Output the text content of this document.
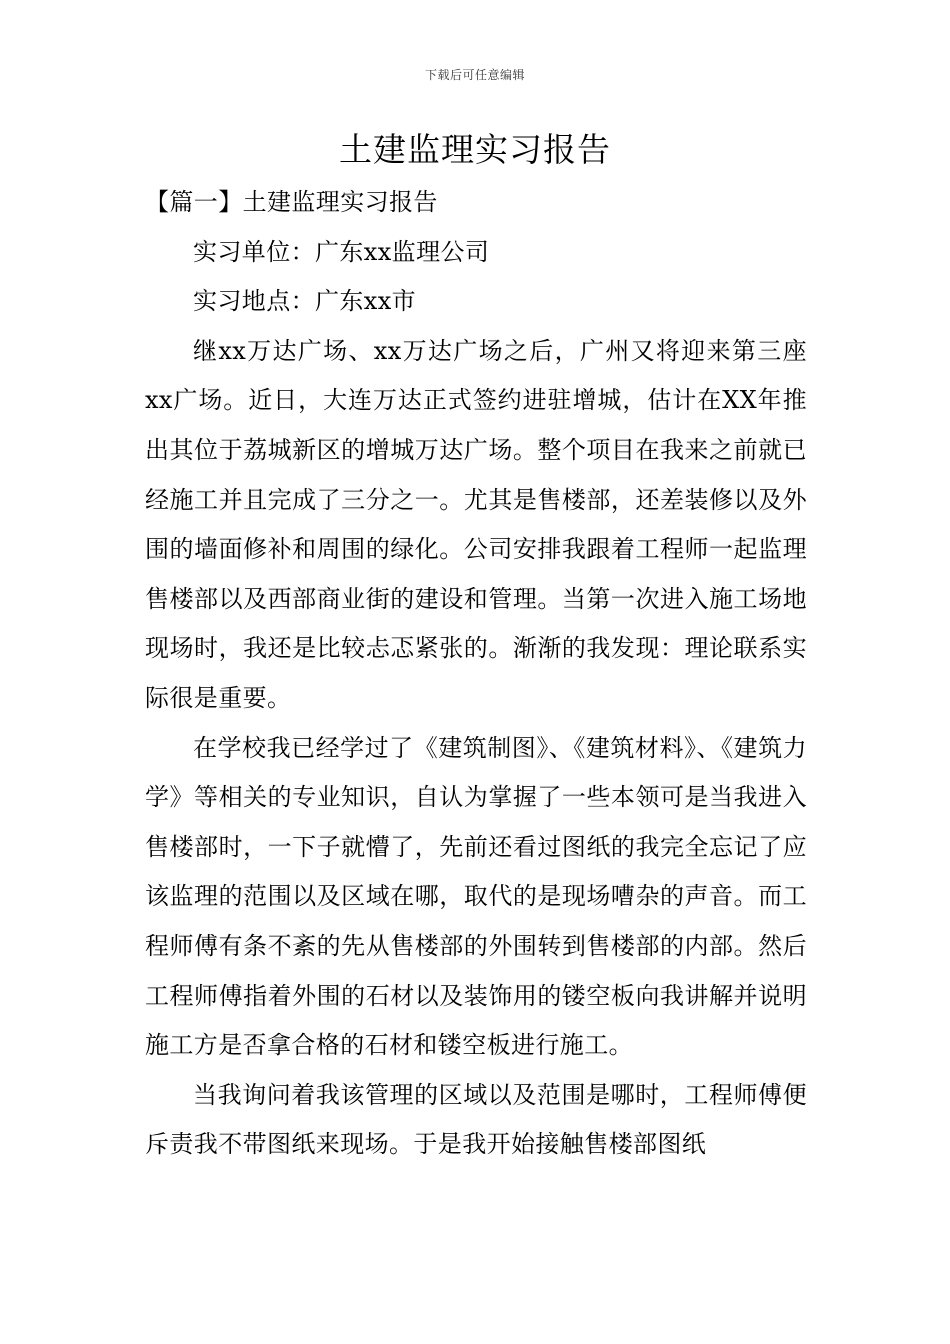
下载后可任意编辑
土建监理实习报告
【篇一】土建监理实习报告
实习单位：广东xx监理公司
实习地点：广东xx市

继xx万达广场、xx万达广场之后，广州又将迎来第三座xx广场。近日，大连万达正式签约进驻增城，估计在XX年推出其位于荔城新区的增城万达广场。整个项目在我来之前就已经施工并且完成了三分之一。尤其是售楼部，还差装修以及外围的墙面修补和周围的绿化。公司安排我跟着工程师一起监理售楼部以及西部商业街的建设和管理。当第一次进入施工场地现场时，我还是比较忐忑紧张的。渐渐的我发现：理论联系实际很是重要。

在学校我已经学过了《建筑制图》、《建筑材料》、《建筑力学》等相关的专业知识，自认为掌握了一些本领可是当我进入售楼部时，一下子就懵了，先前还看过图纸的我完全忘记了应该监理的范围以及区域在哪，取代的是现场嘈杂的声音。而工程师傅有条不紊的先从售楼部的外围转到售楼部的内部。然后工程师傅指着外围的石材以及装饰用的镂空板向我讲解并说明施工方是否拿合格的石材和镂空板进行施工。

当我询问着我该管理的区域以及范围是哪时，工程师傅便斥责我不带图纸来现场。于是我开始接触售楼部图纸
